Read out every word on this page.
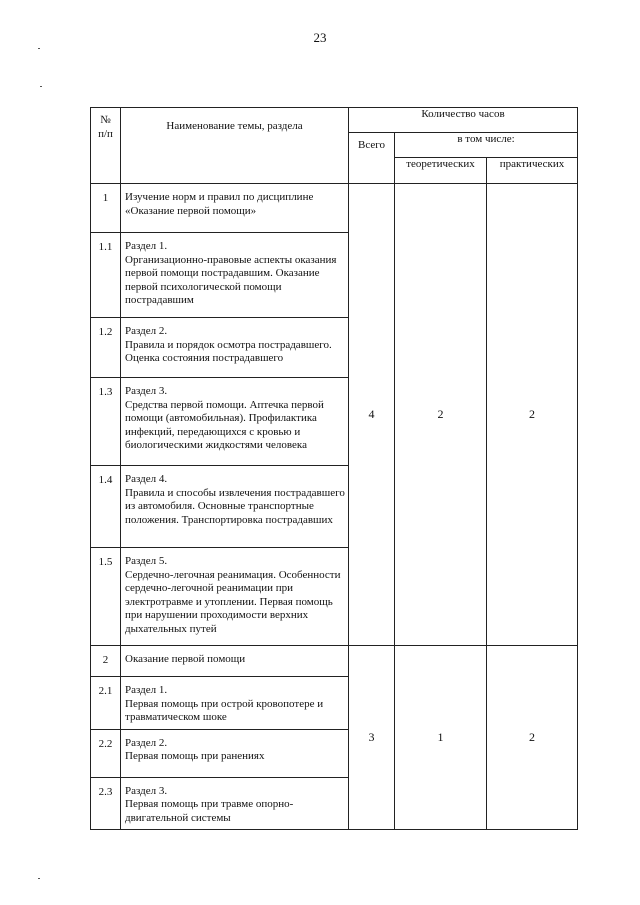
23
№
п/п	Наименование темы, раздела	Количество часов		
		Всего	в том числе:	
			теоретических	практических
1	Изучение норм и правил по дисциплине «Оказание первой помощи»	4	2	2
1.1	Раздел 1.
Организационно-правовые аспекты оказания первой помощи пострадавшим. Оказание первой психологической помощи пострадавшим			
1.2	Раздел 2.
Правила и порядок осмотра пострадавшего. Оценка состояния пострадавшего			
1.3	Раздел 3.
Средства первой помощи. Аптечка первой помощи (автомобильная). Профилактика инфекций, передающихся с кровью и биологическими жидкостями человека			
1.4	Раздел 4.
Правила и способы извлечения пострадавшего из автомобиля. Основные транспортные положения. Транспортировка пострадавших			
1.5	Раздел 5.
Сердечно-легочная реанимация. Особенности сердечно-легочной реанимации при электротравме и утоплении. Первая помощь при нарушении проходимости верхних дыхательных путей			
2	Оказание первой помощи	3	1	2
2.1	Раздел 1.
Первая помощь при острой кровопотере и травматическом шоке			
2.2	Раздел 2.
Первая помощь при ранениях			
2.3	Раздел 3.
Первая помощь при травме опорно-двигательной системы			
